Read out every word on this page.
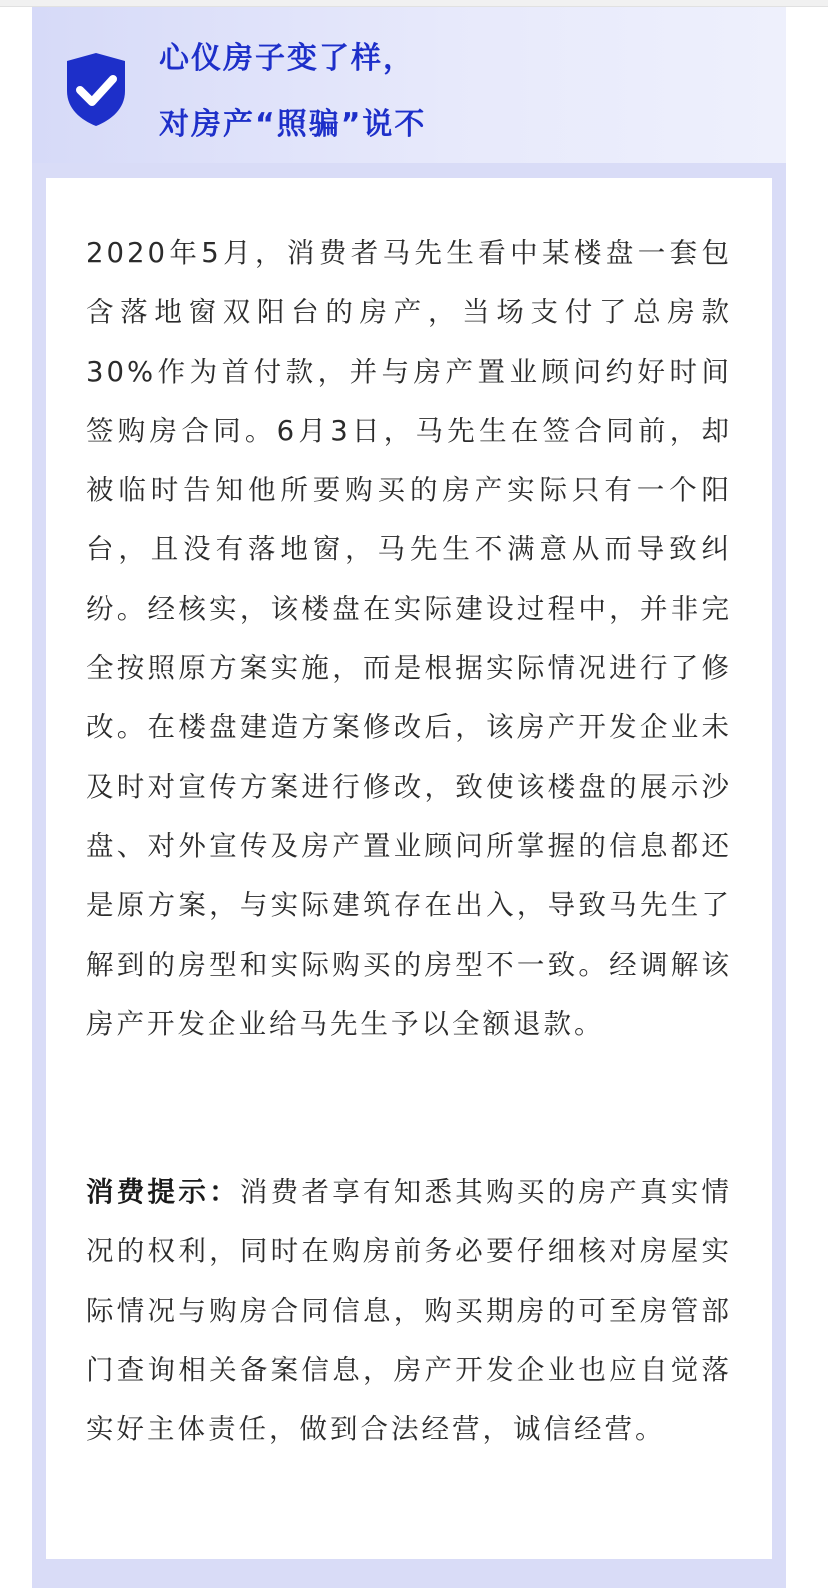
心仪房子变了样，
对房产“照骗”说不

2020年5月，消费者马先生看中某楼盘一套包含落地窗双阳台的房产，当场支付了总房款30%作为首付款，并与房产置业顾问约好时间签购房合同。6月3日，马先生在签合同前，却被临时告知他所要购买的房产实际只有一个阳台，且没有落地窗，马先生不满意从而导致纠纷。经核实，该楼盘在实际建设过程中，并非完全按照原方案实施，而是根据实际情况进行了修改。在楼盘建造方案修改后，该房产开发企业未及时对宣传方案进行修改，致使该楼盘的展示沙盘、对外宣传及房产置业顾问所掌握的信息都还是原方案，与实际建筑存在出入，导致马先生了解到的房型和实际购买的房型不一致。经调解该房产开发企业给马先生予以全额退款。

消费提示：消费者享有知悉其购买的房产真实情况的权利，同时在购房前务必要仔细核对房屋实际情况与购房合同信息，购买期房的可至房管部门查询相关备案信息，房产开发企业也应自觉落实好主体责任，做到合法经营，诚信经营。
